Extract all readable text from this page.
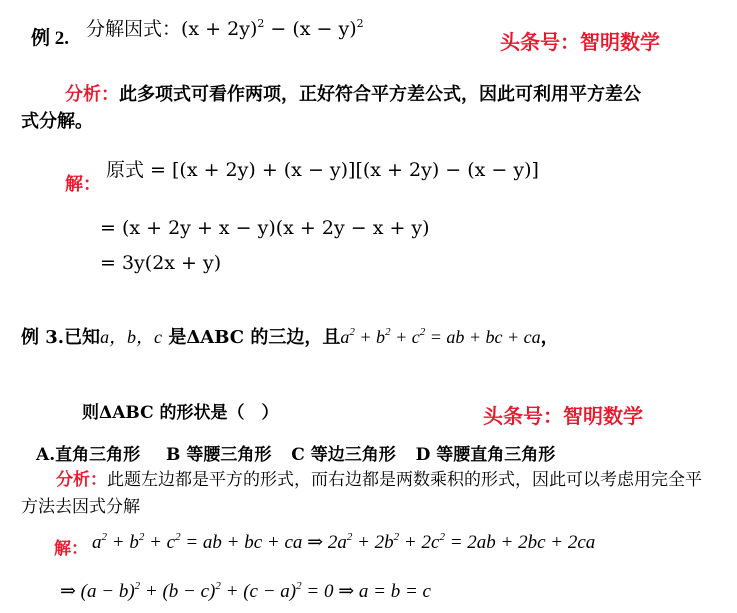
例 2. 分解因式：$(x + 2y)^2 - (x - y)^2$
头条号：智明数学
分析：此多项式可看作两项，正好符合平方差公式，因此可利用平方差公
式分解。
解：
原式 = [(x + 2y) + (x − y)][(x + 2y) − (x − y)]
= (x + 2y + x − y)(x + 2y − x + y)
= 3y(2x + y)
例 3.已知a，b，c 是ΔABC 的三边，且$a^2 + b^2 + c^2$ = ab + bc + ca，
则ΔABC 的形状是（　）	头条号：智明数学
A.直角三角形 B 等腰三角形 C 等边三角形 D 等腰直角三角形
分析：此题左边都是平方的形式，而右边都是两数乘积的形式，因此可以考虑用完全平
方法去因式分解
解： $a^2 + b^2 + c^2$ = ab + bc + ca ⇒ $2a^2 + 2b^2 + 2c^2 = 2ab + 2bc + 2ca$
⇒ $(a - b)^2 + (b - c)^2 + (c - a)^2 = 0$ ⇒ a = b = c
